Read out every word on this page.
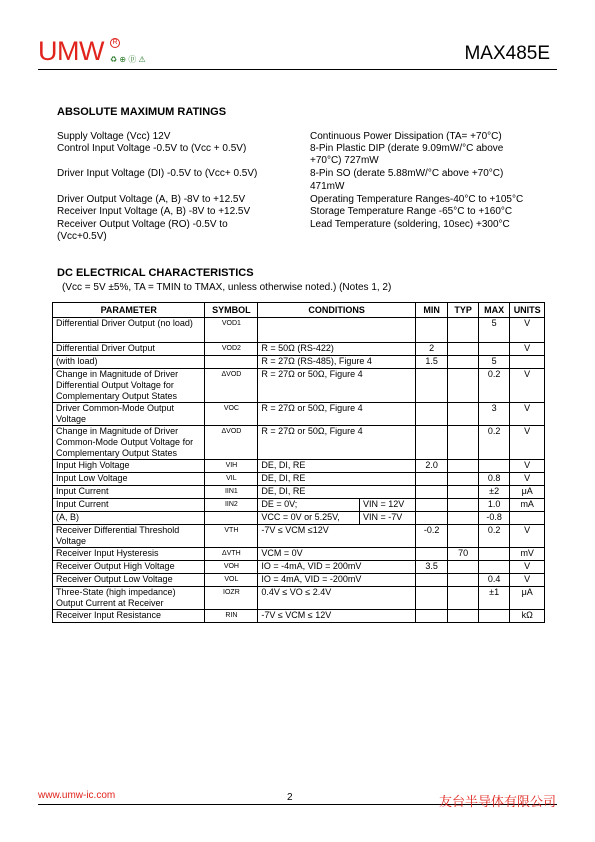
UMW	R
♻ ⊕ ⓟ ⚠	MAX485E
ABSOLUTE MAXIMUM RATINGS
Supply Voltage (Vcc) 12V
Control Input Voltage -0.5V to (Vcc + 0.5V)
Driver Input Voltage (DI) -0.5V to (Vcc+ 0.5V)
Driver Output Voltage (A, B) -8V to +12.5V
Receiver Input Voltage (A, B) -8V to +12.5V
Receiver Output Voltage (RO) -0.5V to
(Vcc+0.5V)
Continuous Power Dissipation (TA= +70°C)
8-Pin Plastic DIP (derate 9.09mW/°C above
+70°C) 727mW
8-Pin SO (derate 5.88mW/°C above +70°C)
471mW
Operating Temperature Ranges-40°C to +105°C
Storage Temperature Range -65°C to +160°C
Lead Temperature (soldering, 10sec) +300°C
DC ELECTRICAL CHARACTERISTICS
(Vcc = 5V ±5%, TA = TMIN to TMAX, unless otherwise noted.) (Notes 1, 2)
PARAMETER	SYMBOL	CONDITIONS		MIN	TYP	MAX	UNITS
Differential Driver Output (no load)	VOD1					5	V
Differential Driver Output	VOD2	R = 50Ω (RS-422)		2			V
(with load)		R = 27Ω (RS-485), Figure 4		1.5		5	
Change in Magnitude of Driver Differential Output Voltage for Complementary Output States	ΔVOD	R = 27Ω or 50Ω, Figure 4				0.2	V
Driver Common-Mode Output Voltage	VOC	R = 27Ω or 50Ω, Figure 4				3	V
Change in Magnitude of Driver Common-Mode Output Voltage for Complementary Output States	ΔVOD	R = 27Ω or 50Ω, Figure 4				0.2	V
Input High Voltage	VIH	DE, DI, $\overline{RE}$		2.0			V
Input Low Voltage	VIL	DE, DI, $\overline{RE}$				0.8	V
Input Current	IIN1	DE, DI, $\overline{RE}$				±2	μA
Input Current	IIN2	DE = 0V;	VIN = 12V			1.0	mA
(A, B)		VCC = 0V or 5.25V,	VIN = -7V			-0.8	
Receiver Differential Threshold Voltage	VTH	-7V ≤ VCM ≤12V		-0.2		0.2	V
Receiver Input Hysteresis	ΔVTH	VCM = 0V			70		mV
Receiver Output High Voltage	VOH	IO = -4mA, VID = 200mV		3.5			V
Receiver Output Low Voltage	VOL	IO = 4mA, VID = -200mV				0.4	V
Three-State (high impedance) Output Current at Receiver	IOZR	0.4V ≤ VO ≤ 2.4V				±1	μA
Receiver Input Resistance	RIN	-7V ≤ VCM ≤ 12V					kΩ
www.umw-ic.com	2	友台半导体有限公司
